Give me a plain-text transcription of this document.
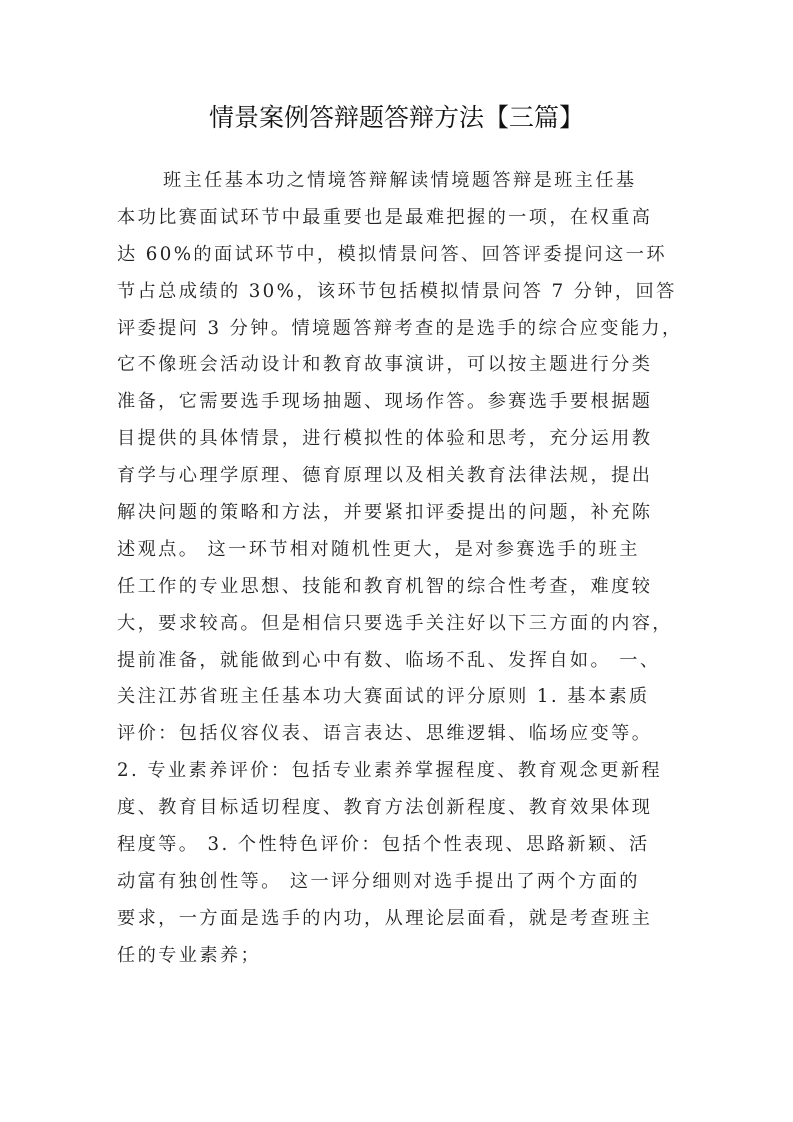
情景案例答辩题答辩方法【三篇】
班主任基本功之情境答辩解读情境题答辩是班主任基
本功比赛面试环节中最重要也是最难把握的一项，在权重高
达 60%的面试环节中，模拟情景问答、回答评委提问这一环
节占总成绩的 30%，该环节包括模拟情景问答 7 分钟，回答
评委提问 3 分钟。情境题答辩考查的是选手的综合应变能力，
它不像班会活动设计和教育故事演讲，可以按主题进行分类
准备，它需要选手现场抽题、现场作答。参赛选手要根据题
目提供的具体情景，进行模拟性的体验和思考，充分运用教
育学与心理学原理、德育原理以及相关教育法律法规，提出
解决问题的策略和方法，并要紧扣评委提出的问题，补充陈
述观点。 这一环节相对随机性更大，是对参赛选手的班主
任工作的专业思想、技能和教育机智的综合性考查，难度较
大，要求较高。但是相信只要选手关注好以下三方面的内容，
提前准备，就能做到心中有数、临场不乱、发挥自如。 一、
关注江苏省班主任基本功大赛面试的评分原则 1. 基本素质
评价：包括仪容仪表、语言表达、思维逻辑、临场应变等。
2. 专业素养评价：包括专业素养掌握程度、教育观念更新程
度、教育目标适切程度、教育方法创新程度、教育效果体现
程度等。 3. 个性特色评价：包括个性表现、思路新颖、活
动富有独创性等。 这一评分细则对选手提出了两个方面的
要求，一方面是选手的内功，从理论层面看，就是考查班主
任的专业素养；
